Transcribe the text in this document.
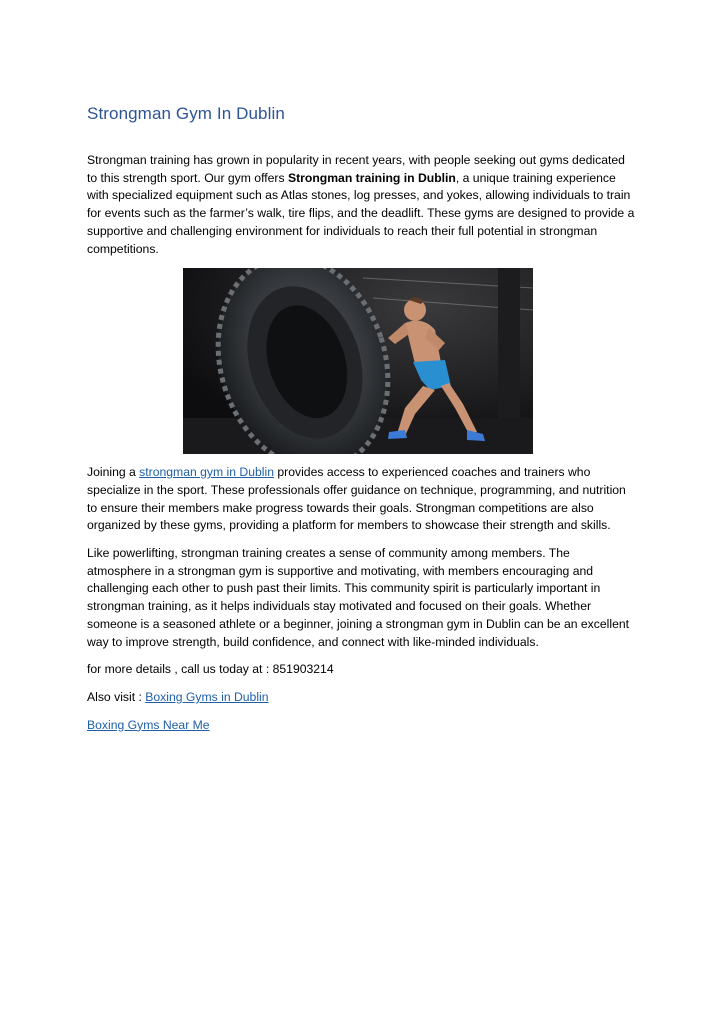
Strongman Gym In Dublin

Strongman training has grown in popularity in recent years, with people seeking out gyms dedicated to this strength sport. Our gym offers Strongman training in Dublin, a unique training experience with specialized equipment such as Atlas stones, log presses, and yokes, allowing individuals to train for events such as the farmer’s walk, tire flips, and the deadlift. These gyms are designed to provide a supportive and challenging environment for individuals to reach their full potential in strongman competitions.

Joining a strongman gym in Dublin provides access to experienced coaches and trainers who specialize in the sport. These professionals offer guidance on technique, programming, and nutrition to ensure their members make progress towards their goals. Strongman competitions are also organized by these gyms, providing a platform for members to showcase their strength and skills.

Like powerlifting, strongman training creates a sense of community among members. The atmosphere in a strongman gym is supportive and motivating, with members encouraging and challenging each other to push past their limits. This community spirit is particularly important in strongman training, as it helps individuals stay motivated and focused on their goals. Whether someone is a seasoned athlete or a beginner, joining a strongman gym in Dublin can be an excellent way to improve strength, build confidence, and connect with like-minded individuals.

for more details , call us today at : 851903214

Also visit : Boxing Gyms in Dublin

Boxing Gyms Near Me
